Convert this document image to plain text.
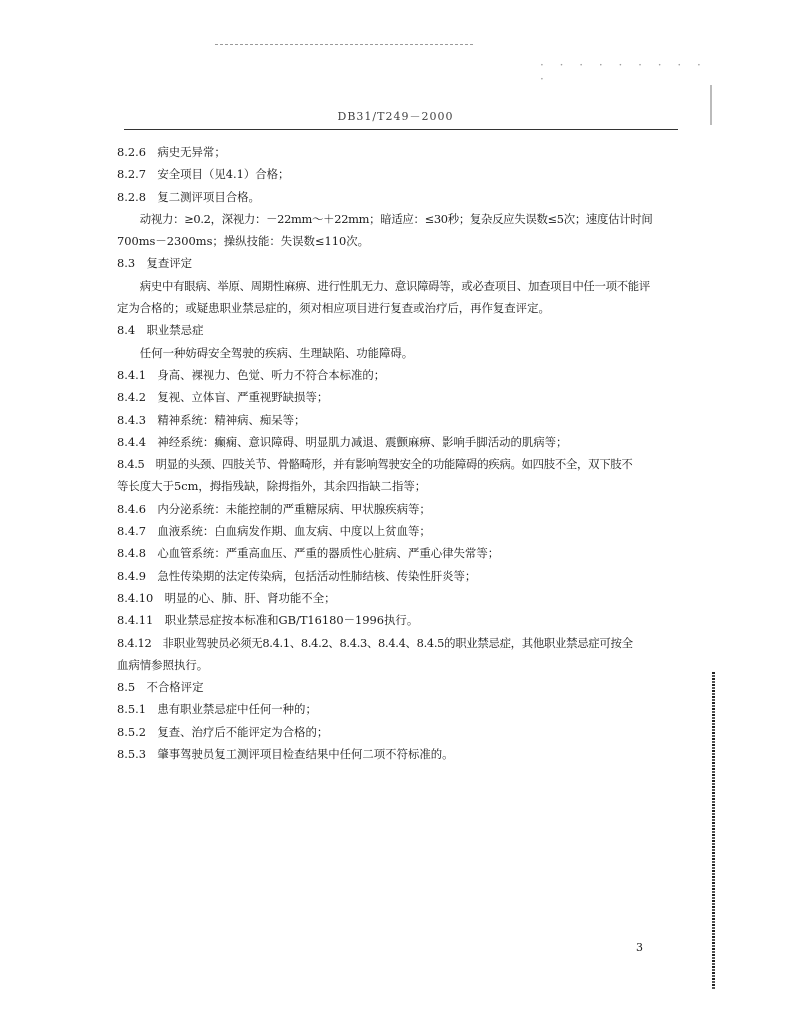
· · · · · · · · · ·
DB31/T249－2000

8.2.6　病史无异常；

8.2.7　安全项目（见4.1）合格；

8.2.8　复二测评项目合格。

动视力：≥0.2，深视力：－22mm～＋22mm；暗适应：≤30秒；复杂反应失误数≤5次；速度估计时间

700ms－2300ms；操纵技能：失误数≤110次。

8.3　复查评定

病史中有眼病、举原、周期性麻痹、进行性肌无力、意识障碍等，或必查项目、加查项目中任一项不能评

定为合格的；或疑患职业禁忌症的，须对相应项目进行复查或治疗后，再作复查评定。

8.4　职业禁忌症

任何一种妨碍安全驾驶的疾病、生理缺陷、功能障碍。

8.4.1　身高、裸视力、色觉、听力不符合本标准的；

8.4.2　复视、立体盲、严重视野缺损等；

8.4.3　精神系统：精神病、痴呆等；

8.4.4　神经系统：癫痫、意识障碍、明显肌力减退、震颤麻痹、影响手脚活动的肌病等；

8.4.5　明显的头颈、四肢关节、骨骼畸形，并有影响驾驶安全的功能障碍的疾病。如四肢不全，双下肢不

等长度大于5cm，拇指残缺，除拇指外，其余四指缺二指等；

8.4.6　内分泌系统：未能控制的严重糖尿病、甲状腺疾病等；

8.4.7　血液系统：白血病发作期、血友病、中度以上贫血等；

8.4.8　心血管系统：严重高血压、严重的器质性心脏病、严重心律失常等；

8.4.9　急性传染期的法定传染病，包括活动性肺结核、传染性肝炎等；

8.4.10　明显的心、肺、肝、肾功能不全；

8.4.11　职业禁忌症按本标准和GB/T16180－1996执行。

8.4.12　非职业驾驶员必须无8.4.1、8.4.2、8.4.3、8.4.4、8.4.5的职业禁忌症，其他职业禁忌症可按全

血病情参照执行。

8.5　不合格评定

8.5.1　患有职业禁忌症中任何一种的；

8.5.2　复查、治疗后不能评定为合格的；

8.5.3　肇事驾驶员复工测评项目检查结果中任何二项不符标准的。

3
